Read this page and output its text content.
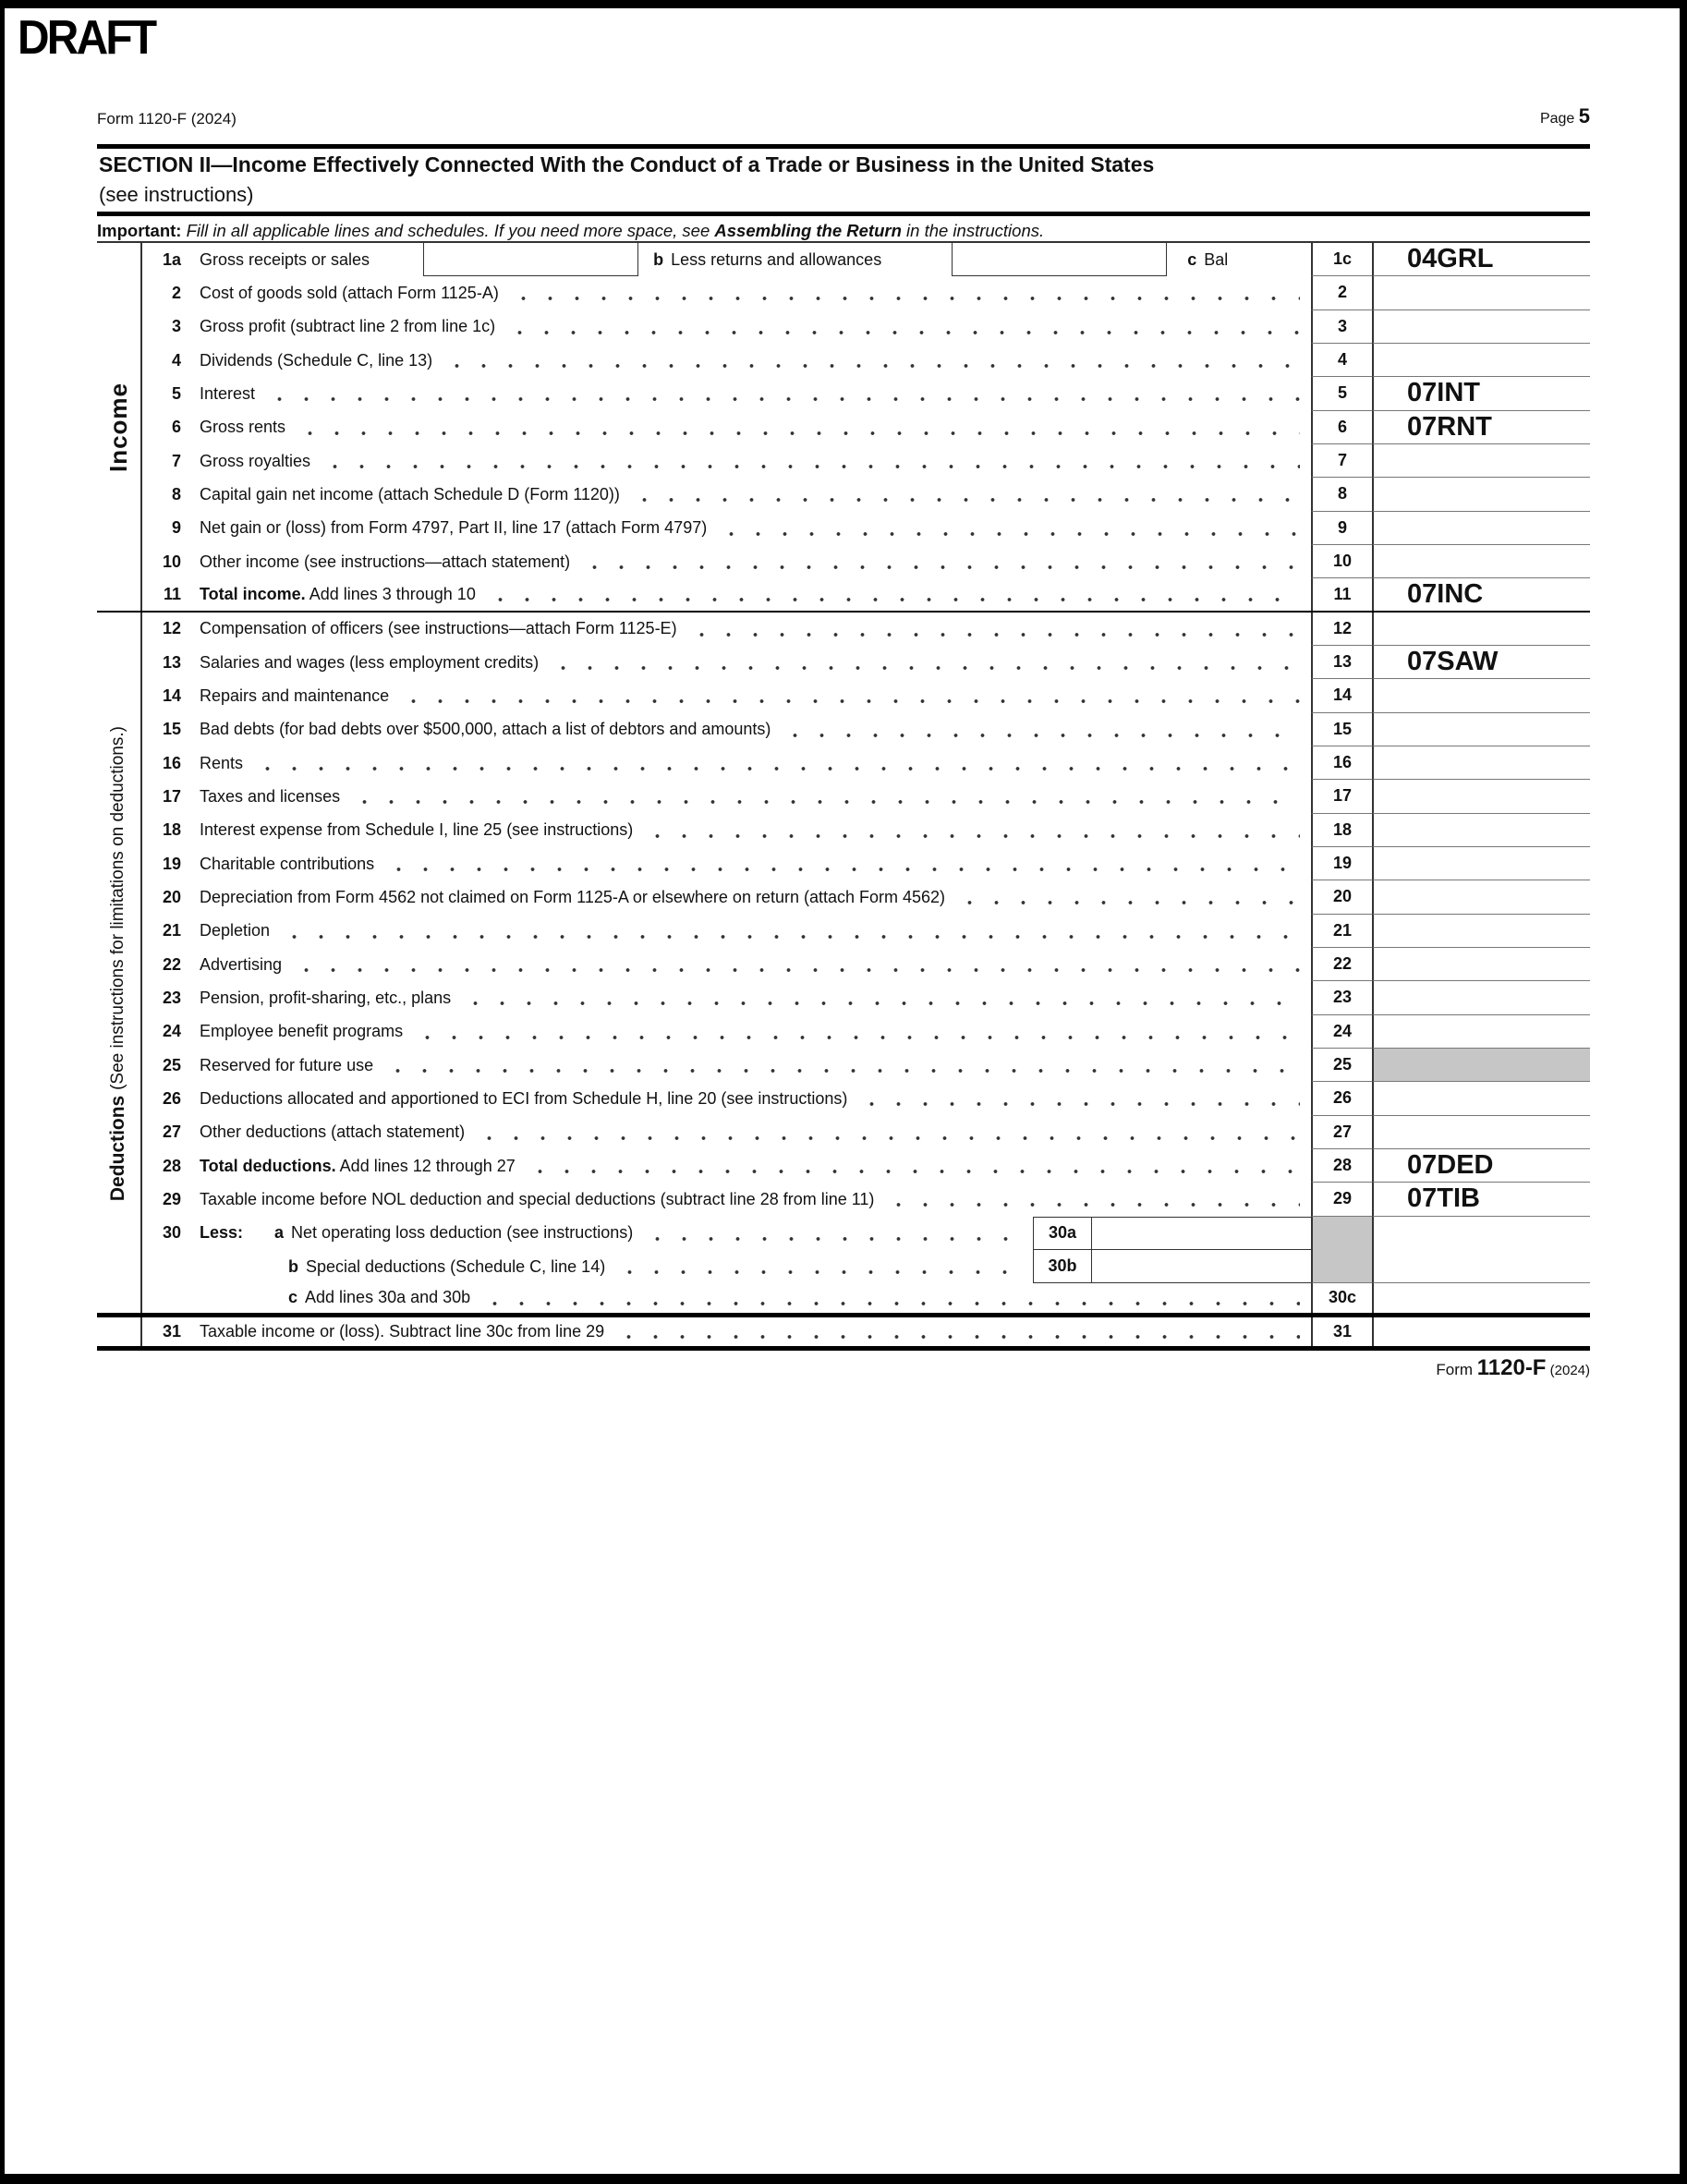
DRAFT
Form 1120-F (2024)	Page 5
SECTION II—Income Effectively Connected With the Conduct of a Trade or Business in the United States
(see instructions)
Important: Fill in all applicable lines and schedules. If you need more space, see Assembling the Return in the instructions.
Income
Deductions (See instructions for limitations on deductions.)
1a	Gross receipts or sales	b Less returns and allowances	c Bal	1c	04GRL
2	Cost of goods sold (attach Form 1125-A)	2
3	Gross profit (subtract line 2 from line 1c)	3
4	Dividends (Schedule C, line 13)	4
5	Interest	5	07INT
6	Gross rents	6	07RNT
7	Gross royalties	7
8	Capital gain net income (attach Schedule D (Form 1120))	8
9	Net gain or (loss) from Form 4797, Part II, line 17 (attach Form 4797)	9
10	Other income (see instructions—attach statement)	10
11	Total income. Add lines 3 through 10	11	07INC
12	Compensation of officers (see instructions—attach Form 1125-E)	12
13	Salaries and wages (less employment credits)	13	07SAW
14	Repairs and maintenance	14
15	Bad debts (for bad debts over $500,000, attach a list of debtors and amounts)	15
16	Rents	16
17	Taxes and licenses	17
18	Interest expense from Schedule I, line 25 (see instructions)	18
19	Charitable contributions	19
20	Depreciation from Form 4562 not claimed on Form 1125-A or elsewhere on return (attach Form 4562)	20
21	Depletion	21
22	Advertising	22
23	Pension, profit-sharing, etc., plans	23
24	Employee benefit programs	24
25	Reserved for future use	25
26	Deductions allocated and apportioned to ECI from Schedule H, line 20 (see instructions)	26
27	Other deductions (attach statement)	27
28	Total deductions. Add lines 12 through 27	28	07DED
29	Taxable income before NOL deduction and special deductions (subtract line 28 from line 11)	29	07TIB
30	Less: a Net operating loss deduction (see instructions)	30a
b Special deductions (Schedule C, line 14)	30b
c Add lines 30a and 30b	30c
31	Taxable income or (loss). Subtract line 30c from line 29	31
Form 1120-F (2024)
